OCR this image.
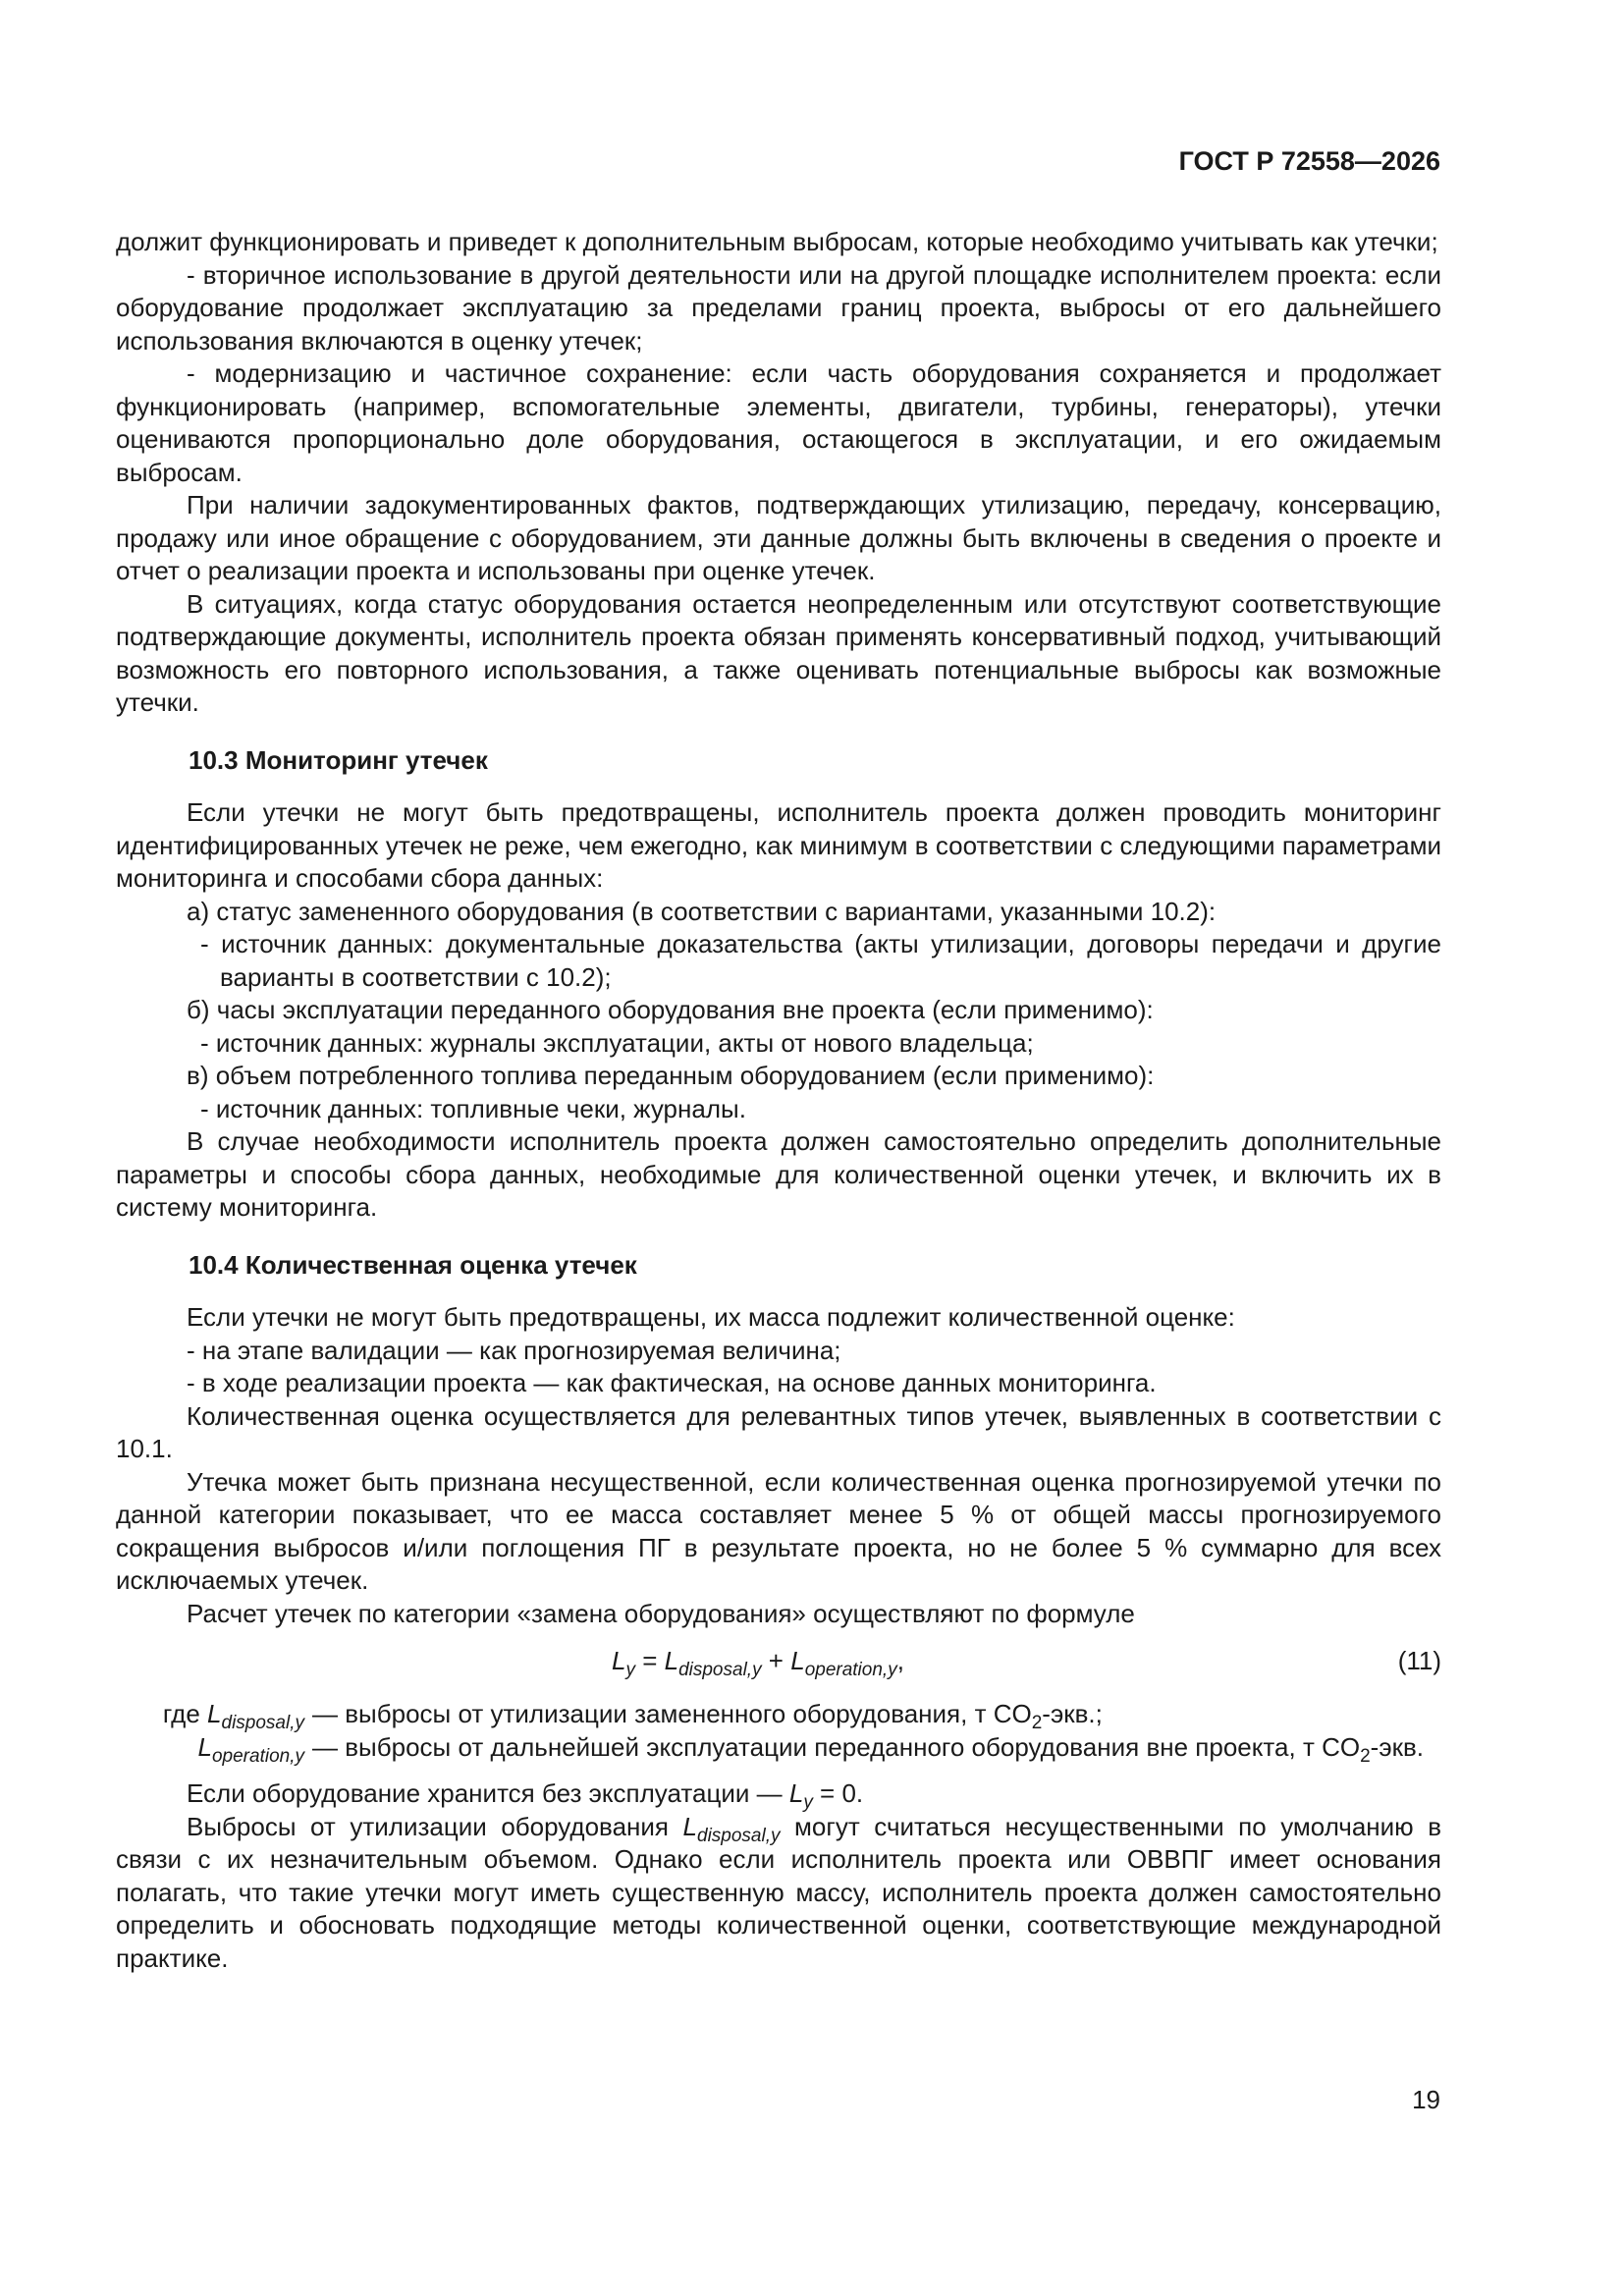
ГОСТ Р 72558—2026

должит функционировать и приведет к дополнительным выбросам, которые необходимо учитывать как утечки;

- вторичное использование в другой деятельности или на другой площадке исполнителем проекта: если оборудование продолжает эксплуатацию за пределами границ проекта, выбросы от его дальнейшего использования включаются в оценку утечек;

- модернизацию и частичное сохранение: если часть оборудования сохраняется и продолжает функционировать (например, вспомогательные элементы, двигатели, турбины, генераторы), утечки оцениваются пропорционально доле оборудования, остающегося в эксплуатации, и его ожидаемым выбросам.

При наличии задокументированных фактов, подтверждающих утилизацию, передачу, консервацию, продажу или иное обращение с оборудованием, эти данные должны быть включены в сведения о проекте и отчет о реализации проекта и использованы при оценке утечек.

В ситуациях, когда статус оборудования остается неопределенным или отсутствуют соответствующие подтверждающие документы, исполнитель проекта обязан применять консервативный подход, учитывающий возможность его повторного использования, а также оценивать потенциальные выбросы как возможные утечки.

10.3 Мониторинг утечек

Если утечки не могут быть предотвращены, исполнитель проекта должен проводить мониторинг идентифицированных утечек не реже, чем ежегодно, как минимум в соответствии с следующими параметрами мониторинга и способами сбора данных:

а) статус замененного оборудования (в соответствии с вариантами, указанными 10.2):

- источник данных: документальные доказательства (акты утилизации, договоры передачи и другие варианты в соответствии с 10.2);

б) часы эксплуатации переданного оборудования вне проекта (если применимо):

- источник данных: журналы эксплуатации, акты от нового владельца;

в) объем потребленного топлива переданным оборудованием (если применимо):

- источник данных: топливные чеки, журналы.

В случае необходимости исполнитель проекта должен самостоятельно определить дополнительные параметры и способы сбора данных, необходимые для количественной оценки утечек, и включить их в систему мониторинга.

10.4 Количественная оценка утечек

Если утечки не могут быть предотвращены, их масса подлежит количественной оценке:

- на этапе валидации — как прогнозируемая величина;

- в ходе реализации проекта — как фактическая, на основе данных мониторинга.

Количественная оценка осуществляется для релевантных типов утечек, выявленных в соответствии с 10.1.

Утечка может быть признана несущественной, если количественная оценка прогнозируемой утечки по данной категории показывает, что ее масса составляет менее 5 % от общей массы прогнозируемого сокращения выбросов и/или поглощения ПГ в результате проекта, но не более 5 % суммарно для всех исключаемых утечек.

Расчет утечек по категории «замена оборудования» осуществляют по формуле

$L_y = L_{disposal,y} + L_{operation,y}$,	(11)
где $L_{disposal,y}$ — выбросы от утилизации замененного оборудования, т $CO_2$-экв.;
$L_{operation,y}$ — выбросы от дальнейшей эксплуатации переданного оборудования вне проекта, т $CO_2$-экв.

Если оборудование хранится без эксплуатации — $L_y = 0$.

Выбросы от утилизации оборудования $L_{disposal,y}$ могут считаться несущественными по умолчанию в связи с их незначительным объемом. Однако если исполнитель проекта или ОВВПГ имеет основания полагать, что такие утечки могут иметь существенную массу, исполнитель проекта должен самостоятельно определить и обосновать подходящие методы количественной оценки, соответствующие международной практике.

19
